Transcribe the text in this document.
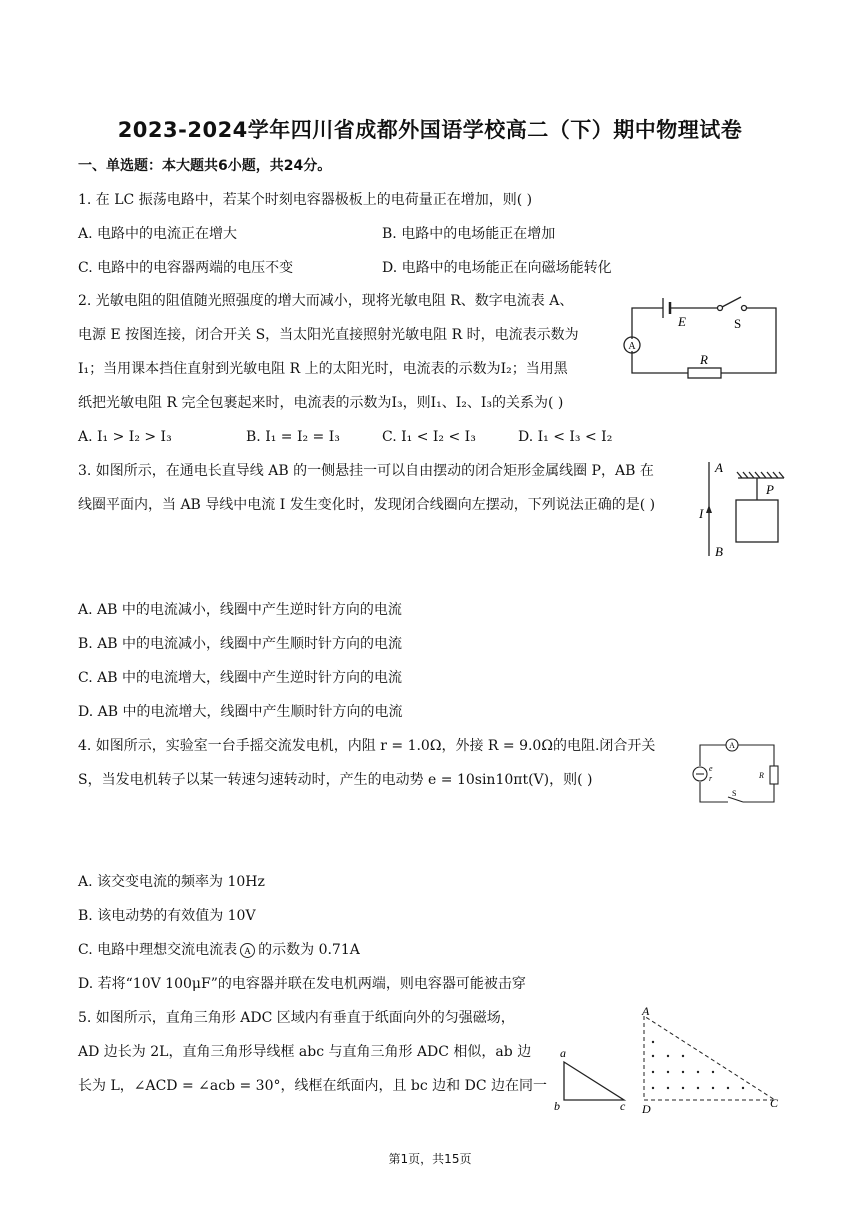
2023-2024学年四川省成都外国语学校高二（下）期中物理试卷
一、单选题：本大题共6小题，共24分。
1. 在 LC 振荡电路中，若某个时刻电容器极板上的电荷量正在增加，则( )
A. 电路中的电流正在增大	B. 电路中的电场能正在增加
C. 电路中的电容器两端的电压不变	D. 电路中的电场能正在向磁场能转化
2. 光敏电阻的阻值随光照强度的增大而减小，现将光敏电阻 R、数字电流表 A、
电源 E 按图连接，闭合开关 S，当太阳光直接照射光敏电阻 R 时，电流表示数为
I₁；当用课本挡住直射到光敏电阻 R 上的太阳光时，电流表的示数为I₂；当用黑
纸把光敏电阻 R 完全包裹起来时，电流表的示数为I₃，则I₁、I₂、I₃的关系为( )
A. I₁ > I₂ > I₃	B. I₁ = I₂ = I₃	C. I₁ < I₂ < I₃	D. I₁ < I₃ < I₂
A
E	S
R
3. 如图所示，在通电长直导线 AB 的一侧悬挂一可以自由摆动的闭合矩形金属线圈 P，AB 在
线圈平面内，当 AB 导线中电流 I 发生变化时，发现闭合线圈向左摆动，下列说法正确的是( )
A
B
I
P
A. AB 中的电流减小，线圈中产生逆时针方向的电流
B. AB 中的电流减小，线圈中产生顺时针方向的电流
C. AB 中的电流增大，线圈中产生逆时针方向的电流
D. AB 中的电流增大，线圈中产生顺时针方向的电流
4. 如图所示，实验室一台手摇交流发电机，内阻 r = 1.0Ω，外接 R = 9.0Ω的电阻.闭合开关
S，当发电机转子以某一转速匀速转动时，产生的电动势 e = 10sin10πt(V)，则( )
A
e
r	R
S
A. 该交变电流的频率为 10Hz
B. 该电动势的有效值为 10V
C. 电路中理想交流电流表 A 的示数为 0.71A
D. 若将“10V 100μF”的电容器并联在发电机两端，则电容器可能被击穿
5. 如图所示，直角三角形 ADC 区域内有垂直于纸面向外的匀强磁场，
AD 边长为 2L，直角三角形导线框 abc 与直角三角形 ADC 相似，ab 边
长为 L，∠ACD = ∠acb = 30°，线框在纸面内，且 bc 边和 DC 边在同一
a
b	c
A
D	C
第1页，共15页
